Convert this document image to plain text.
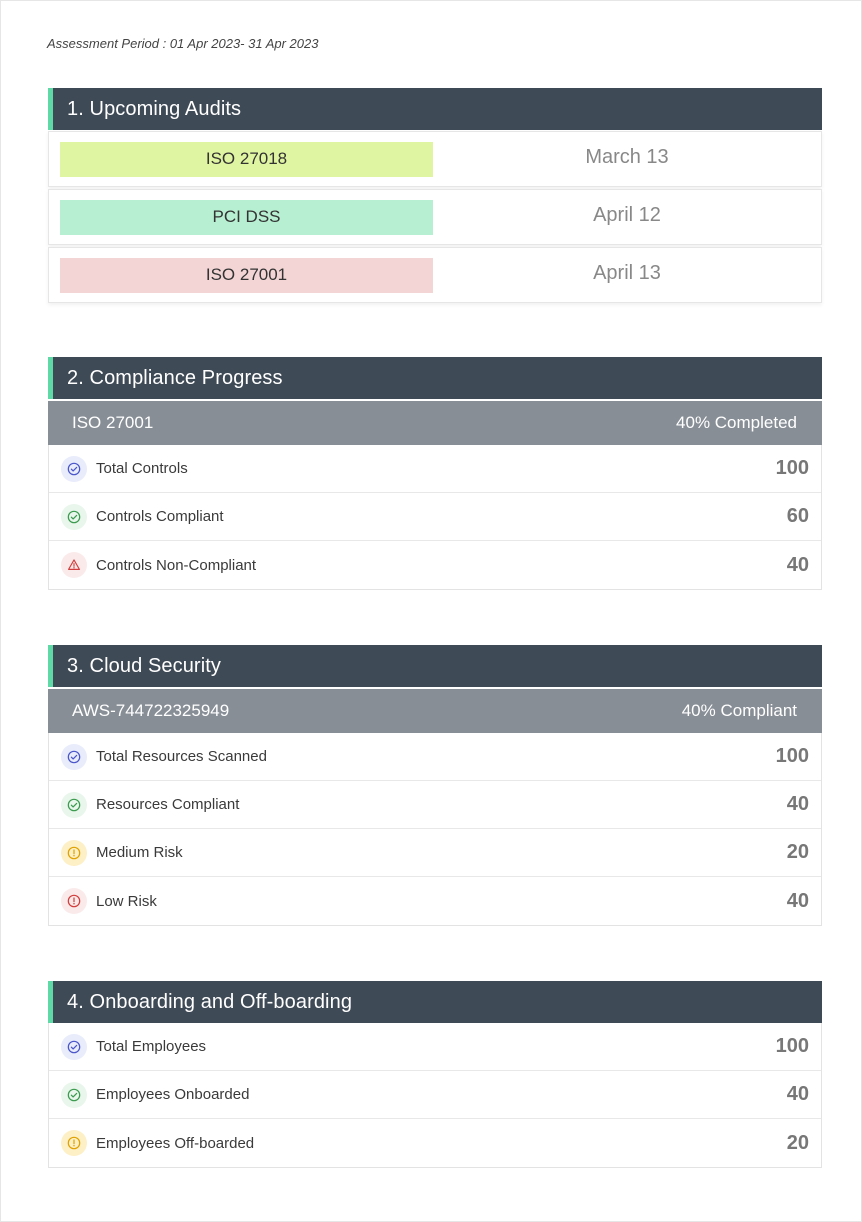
Assessment Period : 01 Apr 2023- 31 Apr 2023
1. Upcoming Audits
ISO 27018	March 13
PCI DSS	April 12
ISO 27001	April 13
2. Compliance Progress
ISO 27001	40% Completed
Total Controls	100
Controls Compliant	60
Controls Non-Compliant	40
3. Cloud Security
AWS-744722325949	40% Compliant
Total Resources Scanned	100
Resources Compliant	40
Medium Risk	20
Low Risk	40
4. Onboarding and Off-boarding
Total Employees	100
Employees Onboarded	40
Employees Off-boarded	20
